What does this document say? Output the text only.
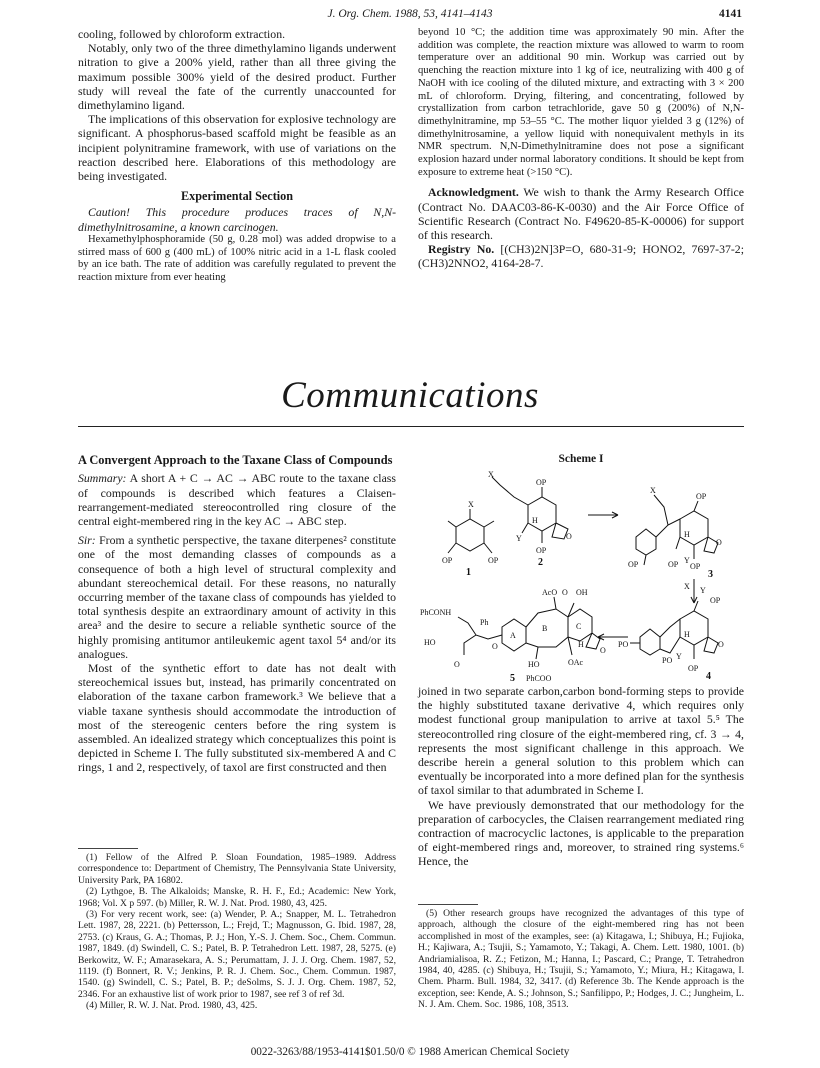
J. Org. Chem. 1988, 53, 4141–4143	4141

cooling, followed by chloroform extraction.

Notably, only two of the three dimethylamino ligands underwent nitration to give a 200% yield, rather than all three giving the maximum possible 300% yield of the desired product. Further study will reveal the fate of the currently unaccounted for dimethylamino ligand.

The implications of this observation for explosive technology are significant. A phosphorus-based scaffold might be feasible as an incipient polynitramine framework, with use of variations on the reaction described here. Elaborations of this methodology are being investigated.

Experimental Section

Caution! This procedure produces traces of N,N-dimethylnitrosamine, a known carcinogen.

Hexamethylphosphoramide (50 g, 0.28 mol) was added dropwise to a stirred mass of 600 g (400 mL) of 100% nitric acid in a 1-L flask cooled by an ice bath. The rate of addition was carefully regulated to prevent the reaction mixture from ever heating

beyond 10 °C; the addition time was approximately 90 min. After the addition was complete, the reaction mixture was allowed to warm to room temperature over an additional 90 min. Workup was carried out by quenching the reaction mixture into 1 kg of ice, neutralizing with 400 g of NaOH with ice cooling of the diluted mixture, and extracting with 3 × 200 mL of chloroform. Drying, filtering, and concentrating, followed by crystallization from carbon tetrachloride, gave 50 g (200%) of N,N-dimethylnitramine, mp 53–55 °C. The mother liquor yielded 3 g (12%) of dimethylnitrosamine, a yellow liquid with nonequivalent methyls in its NMR spectrum. N,N-Dimethylnitramine does not pose a significant explosion hazard under normal laboratory conditions. It should be kept from exposure to extreme heat (>150 °C).

Acknowledgment. We wish to thank the Army Research Office (Contract No. DAAC03-86-K-0030) and the Air Force Office of Scientific Research (Contract No. F49620-85-K-00006) for support of this research.

Registry No. [(CH3)2N]3P=O, 680-31-9; HONO2, 7697-37-2; (CH3)2NNO2, 4164-28-7.

Communications
A Convergent Approach to the Taxane Class of Compounds

Summary: A short A + C → AC → ABC route to the taxane class of compounds is described which features a Claisen-rearrangement-mediated stereocontrolled ring closure of the central eight-membered ring in the key AC → ABC step.

Sir: From a synthetic perspective, the taxane diterpenes² constitute one of the most demanding classes of compounds as a consequence of both a high level of structural complexity and abundant stereochemical detail. For these reasons, no naturally occurring member of the taxane class of compounds has yielded to total synthesis despite an extraordinary amount of activity in this area³ and the desire to secure a reliable synthetic source of the highly promising antitumor antileukemic agent taxol 5⁴ and/or its analogues.

Most of the synthetic effort to date has not dealt with stereochemical issues but, instead, has primarily concentrated on elaboration of the taxane carbon framework.³ We believe that a viable taxane synthesis should accommodate the introduction of most of the stereogenic centers before the ring system is assembled. An idealized strategy which conceptualizes this point is depicted in Scheme I. The fully substituted six-membered A and C rings, 1 and 2, respectively, of taxol are first constructed and then

Scheme I
X
OP	OP
1
X
OP
H
Y
OP
O
2
X
OP
H
O
OP	OP Y
OP
3
X Y
OP
H
O
PO
PO Y
OP
4
AcO O OH
PhCONH
Ph
HO
O
O
A
B	C
H
O
HO	OAc
5 PhCOO

joined in two separate carbon,carbon bond-forming steps to provide the highly substituted taxane derivative 4, which requires only modest functional group manipulation to arrive at taxol 5.⁵ The stereocontrolled ring closure of the eight-membered ring, cf. 3 → 4, represents the most significant challenge in this approach. We describe herein a general solution to this problem which can eventually be incorporated into a more defined plan for the synthesis of taxol similar to that adumbrated in Scheme I.

We have previously demonstrated that our methodology for the preparation of carbocycles, the Claisen rearrangement mediated ring contraction of macrocyclic lactones, is applicable to the preparation of eight-membered rings and, moreover, to strained ring systems.⁶ Hence, the

(1) Fellow of the Alfred P. Sloan Foundation, 1985–1989. Address correspondence to: Department of Chemistry, The Pennsylvania State University, University Park, PA 16802.

(2) Lythgoe, B. The Alkaloids; Manske, R. H. F., Ed.; Academic: New York, 1968; Vol. X p 597. (b) Miller, R. W. J. Nat. Prod. 1980, 43, 425.

(3) For very recent work, see: (a) Wender, P. A.; Snapper, M. L. Tetrahedron Lett. 1987, 28, 2221. (b) Pettersson, L.; Frejd, T.; Magnusson, G. Ibid. 1987, 28, 2753. (c) Kraus, G. A.; Thomas, P. J.; Hon, Y.-S. J. Chem. Soc., Chem. Commun. 1987, 1849. (d) Swindell, C. S.; Patel, B. P. Tetrahedron Lett. 1987, 28, 5275. (e) Berkowitz, W. F.; Amarasekara, A. S.; Perumattam, J. J. J. Org. Chem. 1987, 52, 1119. (f) Bonnert, R. V.; Jenkins, P. R. J. Chem. Soc., Chem. Commun. 1987, 1540. (g) Swindell, C. S.; Patel, B. P.; deSolms, S. J. J. Org. Chem. 1987, 52, 2346. For an exhaustive list of work prior to 1987, see ref 3 of ref 3d.

(4) Miller, R. W. J. Nat. Prod. 1980, 43, 425.

(5) Other research groups have recognized the advantages of this type of approach, although the closure of the eight-membered ring has not been accomplished in most of the examples, see: (a) Kitagawa, I.; Shibuya, H.; Fujioka, H.; Kajiwara, A.; Tsujii, S.; Yamamoto, Y.; Takagi, A. Chem. Lett. 1980, 1001. (b) Andriamialisoa, R. Z.; Fetizon, M.; Hanna, I.; Pascard, C.; Prange, T. Tetrahedron 1984, 40, 4285. (c) Shibuya, H.; Tsujii, S.; Yamamoto, Y.; Miura, H.; Kitagawa, I. Chem. Pharm. Bull. 1984, 32, 3417. (d) Reference 3b. The Kende approach is the exception, see: Kende, A. S.; Johnson, S.; Sanfilippo, P.; Hodges, J. C.; Jungheim, L. N. J. Am. Chem. Soc. 1986, 108, 3513.

0022-3263/88/1953-4141$01.50/0 © 1988 American Chemical Society
